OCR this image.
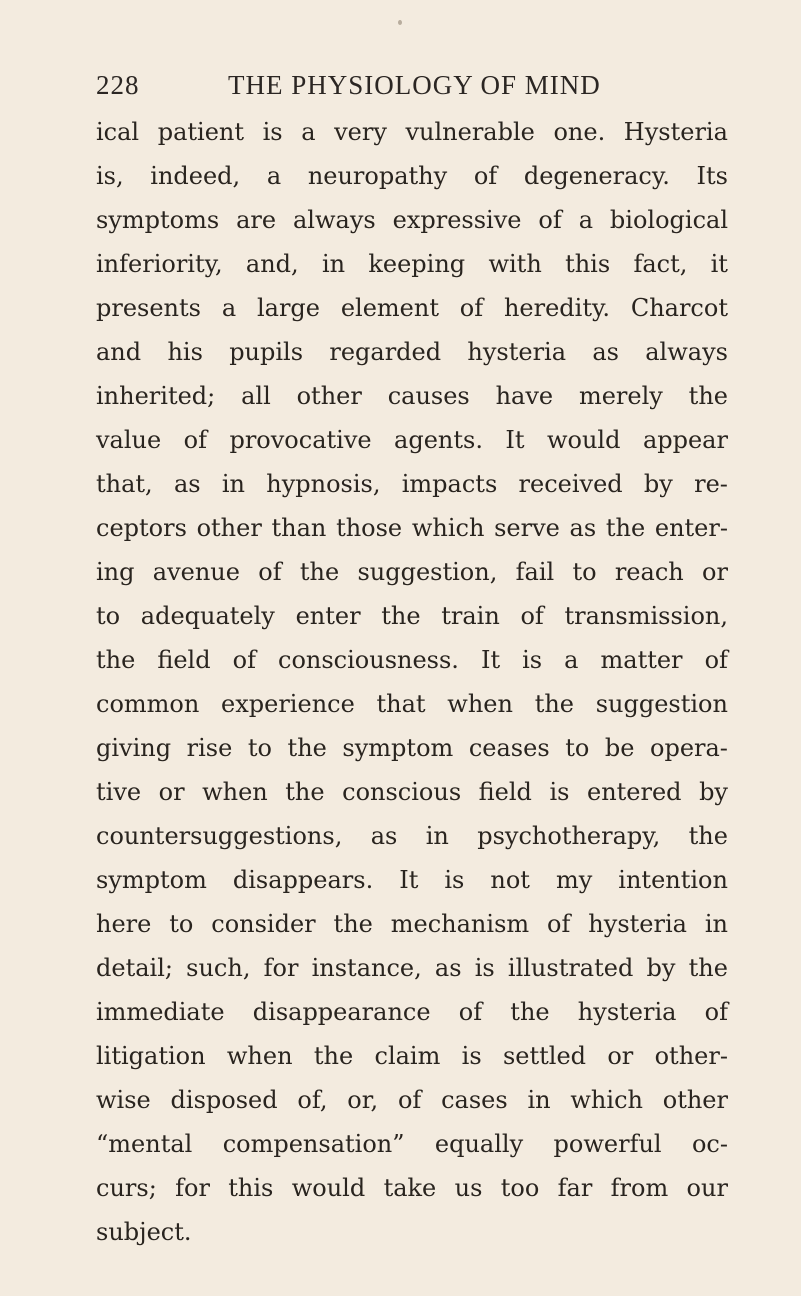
228	THE PHYSIOLOGY OF MIND
ical patient is a very vulnerable one. Hysteria
is, indeed, a neuropathy of degeneracy. Its
symptoms are always expressive of a biological
inferiority, and, in keeping with this fact, it
presents a large element of heredity. Charcot
and his pupils regarded hysteria as always
inherited; all other causes have merely the
value of provocative agents. It would appear
that, as in hypnosis, impacts received by re-
ceptors other than those which serve as the enter-
ing avenue of the suggestion, fail to reach or
to adequately enter the train of transmission,
the field of consciousness. It is a matter of
common experience that when the suggestion
giving rise to the symptom ceases to be opera-
tive or when the conscious field is entered by
countersuggestions, as in psychotherapy, the
symptom disappears. It is not my intention
here to consider the mechanism of hysteria in
detail; such, for instance, as is illustrated by the
immediate disappearance of the hysteria of
litigation when the claim is settled or other-
wise disposed of, or, of cases in which other
“mental compensation” equally powerful oc-
curs; for this would take us too far from our
subject.
